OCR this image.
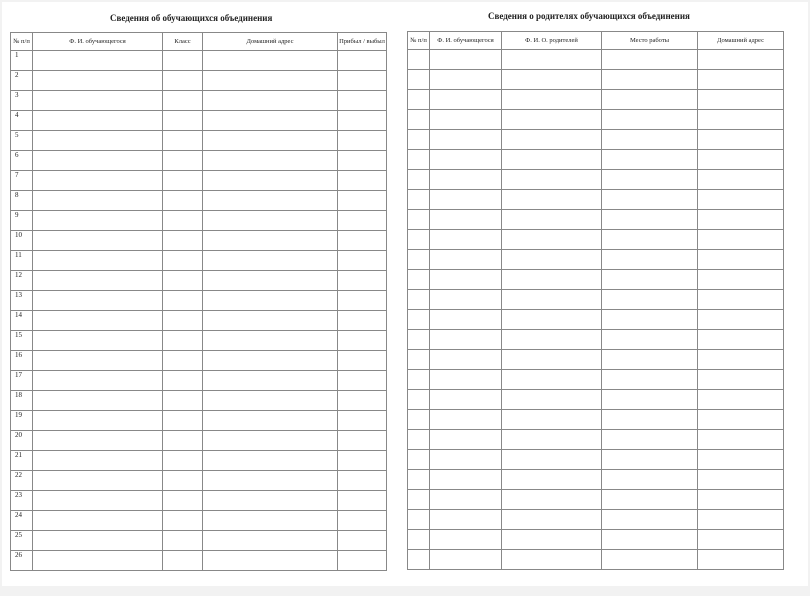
Сведения об обучающихся объединения	Сведения о родителях обучающихся объединения
№ п/п	Ф. И. обучающегося	Класс	Домашний адрес	Прибыл / выбыл
1				
2				
3				
4				
5				
6				
7				
8				
9				
10				
11				
12				
13				
14				
15				
16				
17				
18				
19				
20				
21				
22				
23				
24				
25				
26				
№ п/п	Ф. И. обучающегося	Ф. И. О. родителей	Место работы	Домашний адрес
